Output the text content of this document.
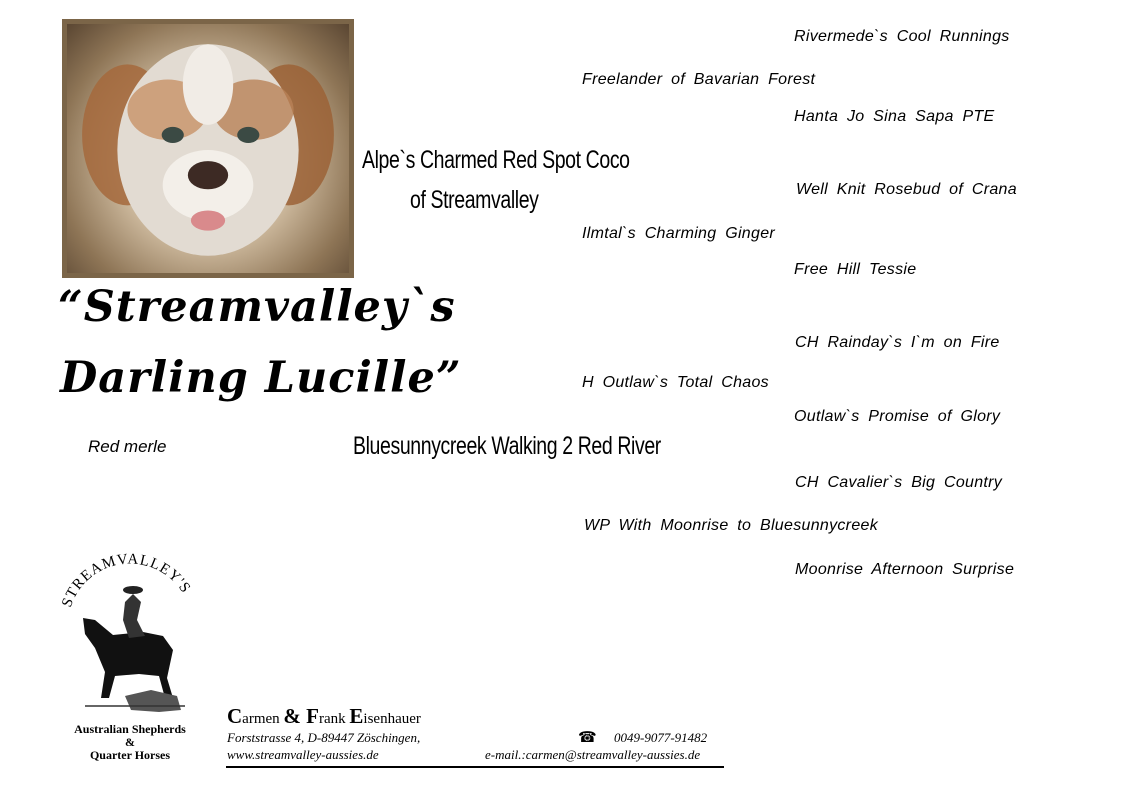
“Streamvalley`s
Darling Lucille”
Red merle
Alpe`s Charmed Red Spot Coco
of Streamvalley
Bluesunnycreek Walking 2 Red River
Freelander of Bavarian Forest
Ilmtal`s Charming Ginger
H Outlaw`s Total Chaos
WP With Moonrise to Bluesunnycreek
Rivermede`s Cool Runnings
Hanta Jo Sina Sapa PTE
Well Knit Rosebud of Crana
Free Hill Tessie
CH Rainday`s I`m on Fire
Outlaw`s Promise of Glory
CH Cavalier`s Big Country
Moonrise Afternoon Surprise
STREAMVALLEY'S
Australian Shepherds
&
Quarter Horses
Carmen & Frank Eisenhauer
Forststrasse 4, D-89447 Zöschingen,
www.streamvalley-aussies.de
☎ 0049-9077-91482
e-mail.:carmen@streamvalley-aussies.de
